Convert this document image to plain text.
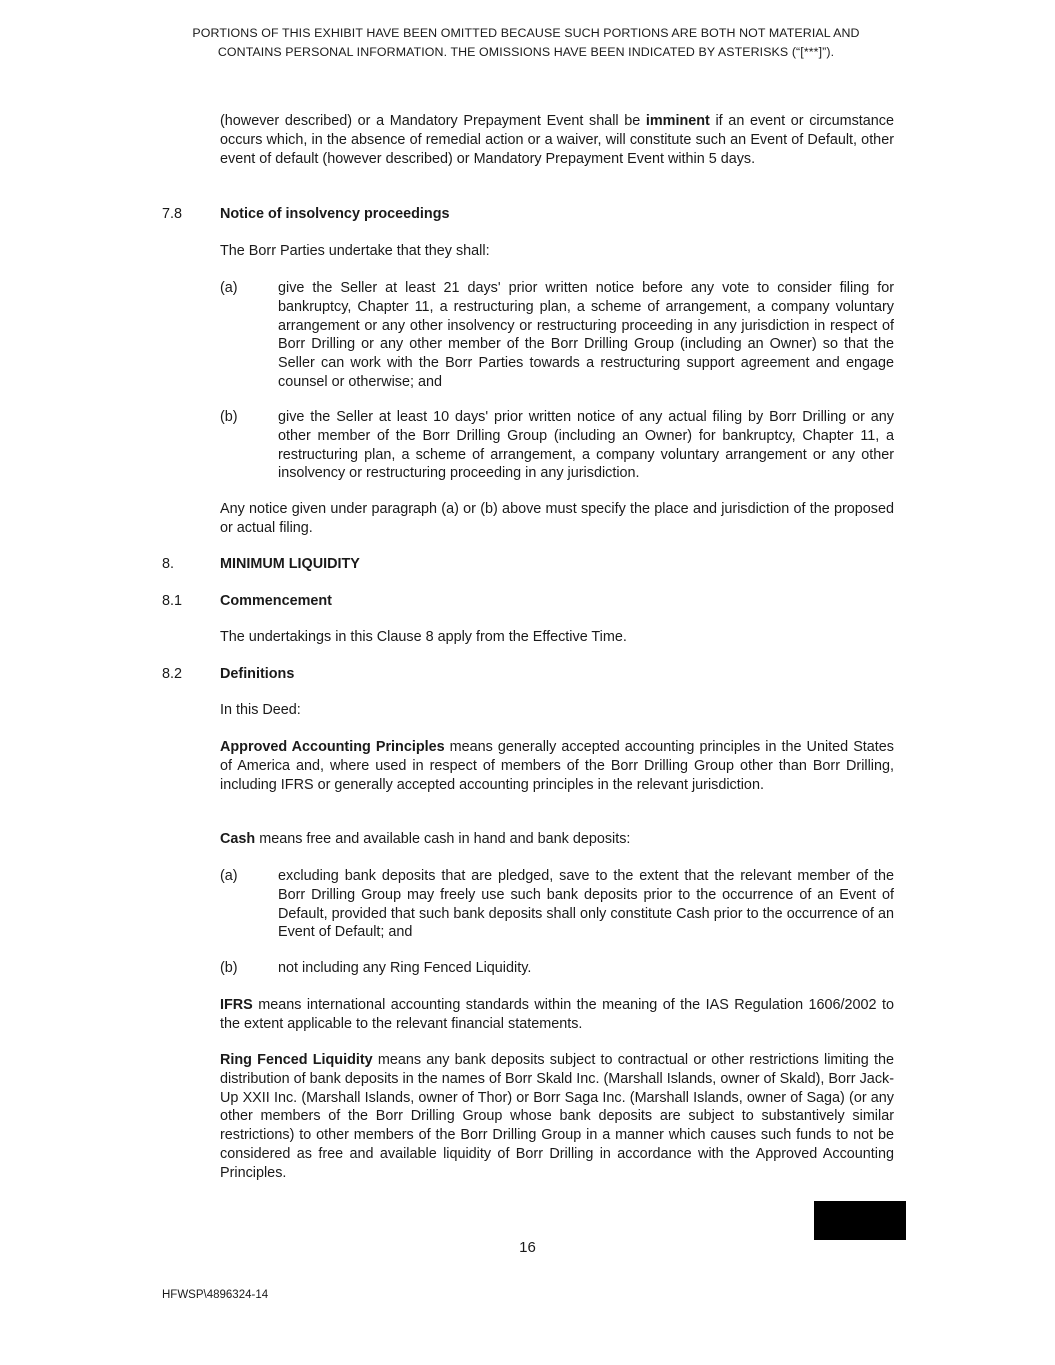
PORTIONS OF THIS EXHIBIT HAVE BEEN OMITTED BECAUSE SUCH PORTIONS ARE BOTH NOT MATERIAL AND
CONTAINS PERSONAL INFORMATION. THE OMISSIONS HAVE BEEN INDICATED BY ASTERISKS (“[***]”).
(however described) or a Mandatory Prepayment Event shall be imminent if an event or circumstance occurs which, in the absence of remedial action or a waiver, will constitute such an Event of Default, other event of default (however described) or Mandatory Prepayment Event within 5 days.
7.8	Notice of insolvency proceedings
The Borr Parties undertake that they shall:
(a)	give the Seller at least 21 days' prior written notice before any vote to consider filing for bankruptcy, Chapter 11, a restructuring plan, a scheme of arrangement, a company voluntary arrangement or any other insolvency or restructuring proceeding in any jurisdiction in respect of Borr Drilling or any other member of the Borr Drilling Group (including an Owner) so that the Seller can work with the Borr Parties towards a restructuring support agreement and engage counsel or otherwise; and
(b)	give the Seller at least 10 days' prior written notice of any actual filing by Borr Drilling or any other member of the Borr Drilling Group (including an Owner) for bankruptcy, Chapter 11, a restructuring plan, a scheme of arrangement, a company voluntary arrangement or any other insolvency or restructuring proceeding in any jurisdiction.
Any notice given under paragraph (a) or (b) above must specify the place and jurisdiction of the proposed or actual filing.
8.	MINIMUM LIQUIDITY
8.1	Commencement
The undertakings in this Clause 8 apply from the Effective Time.
8.2	Definitions
In this Deed:
Approved Accounting Principles means generally accepted accounting principles in the United States of America and, where used in respect of members of the Borr Drilling Group other than Borr Drilling, including IFRS or generally accepted accounting principles in the relevant jurisdiction.
Cash means free and available cash in hand and bank deposits:
(a)	excluding bank deposits that are pledged, save to the extent that the relevant member of the Borr Drilling Group may freely use such bank deposits prior to the occurrence of an Event of Default, provided that such bank deposits shall only constitute Cash prior to the occurrence of an Event of Default; and
(b)	not including any Ring Fenced Liquidity.
IFRS means international accounting standards within the meaning of the IAS Regulation 1606/2002 to the extent applicable to the relevant financial statements.
Ring Fenced Liquidity means any bank deposits subject to contractual or other restrictions limiting the distribution of bank deposits in the names of Borr Skald Inc. (Marshall Islands, owner of Skald), Borr Jack-Up XXII Inc. (Marshall Islands, owner of Thor) or Borr Saga Inc. (Marshall Islands, owner of Saga) (or any other members of the Borr Drilling Group whose bank deposits are subject to substantively similar restrictions) to other members of the Borr Drilling Group in a manner which causes such funds to not be considered as free and available liquidity of Borr Drilling in accordance with the Approved Accounting Principles.
16
HFWSP\4896324-14
